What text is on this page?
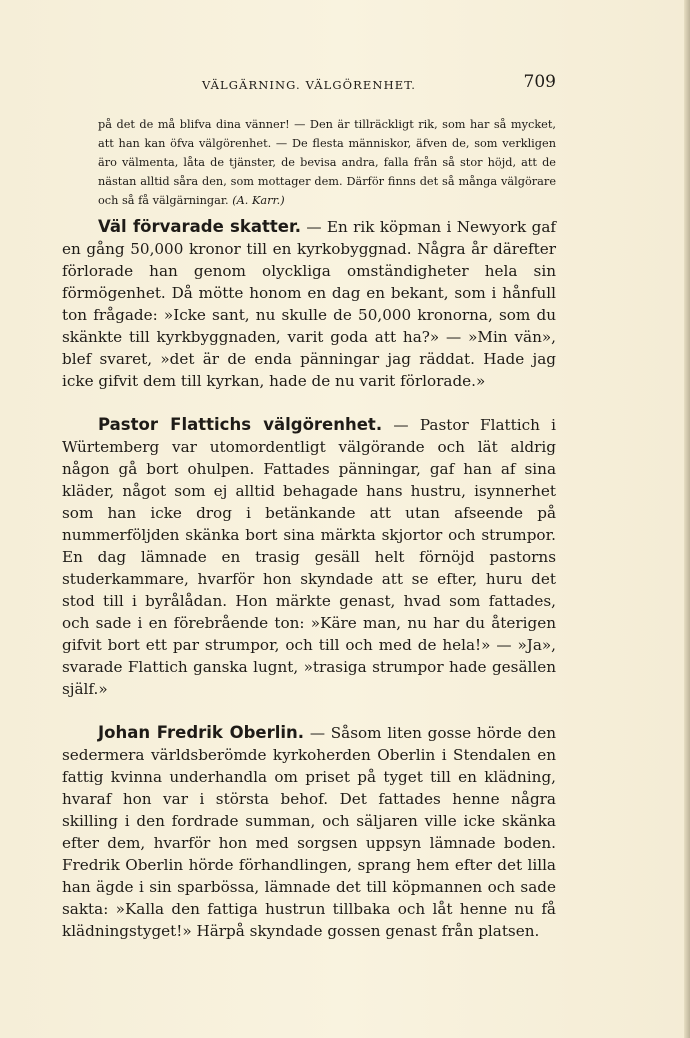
VÄLGÄRNING. VÄLGÖRENHET.	709

på det de må blifva dina vänner! — Den är tillräckligt rik, som har så mycket, att han kan öfva välgörenhet. — De flesta människor, äfven de, som verkligen äro välmenta, låta de tjänster, de bevisa andra, falla från så stor höjd, att de nästan alltid såra den, som mottager dem. Därför finns det så många välgörare och så få välgärningar. (A. Karr.)

Väl förvarade skatter. — En rik köpman i Newyork gaf en gång 50,000 kronor till en kyrkobyggnad. Några år därefter förlorade han genom olyckliga omständigheter hela sin förmögenhet. Då mötte honom en dag en bekant, som i hånfull ton frågade: »Icke sant, nu skulle de 50,000 kronorna, som du skänkte till kyrkbyggnaden, varit goda att ha?» — »Min vän», blef svaret, »det är de enda pänningar jag räddat. Hade jag icke gifvit dem till kyrkan, hade de nu varit förlorade.»

Pastor Flattichs välgörenhet. — Pastor Flattich i Würtemberg var utomordentligt välgörande och lät aldrig någon gå bort ohulpen. Fattades pänningar, gaf han af sina kläder, något som ej alltid behagade hans hustru, isynnerhet som han icke drog i betänkande att utan afseende på nummerföljden skänka bort sina märkta skjortor och strumpor. En dag lämnade en trasig gesäll helt förnöjd pastorns studerkammare, hvarför hon skyndade att se efter, huru det stod till i byrålådan. Hon märkte genast, hvad som fattades, och sade i en förebrående ton: »Käre man, nu har du återigen gifvit bort ett par strumpor, och till och med de hela!» — »Ja», svarade Flattich ganska lugnt, »trasiga strumpor hade gesällen själf.»

Johan Fredrik Oberlin. — Såsom liten gosse hörde den sedermera världsberömde kyrkoherden Oberlin i Stendalen en fattig kvinna underhandla om priset på tyget till en klädning, hvaraf hon var i största behof. Det fattades henne några skilling i den fordrade summan, och säljaren ville icke skänka efter dem, hvarför hon med sorgsen uppsyn lämnade boden. Fredrik Oberlin hörde förhandlingen, sprang hem efter det lilla han ägde i sin sparbössa, lämnade det till köpmannen och sade sakta: »Kalla den fattiga hustrun tillbaka och låt henne nu få klädningstyget!» Härpå skyndade gossen genast från platsen.
